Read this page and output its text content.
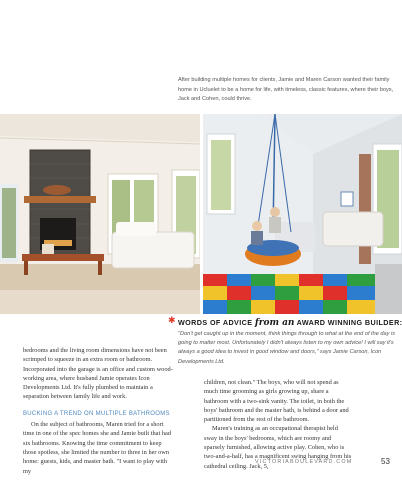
After building multiple homes for clients, Jamie and Maren Carson wanted their family home in Ucluelet to be a home for life, with timeless, classic features, where their boys, Jack and Cohen, could thrive.

bedrooms and the living room dimensions have not been scrimped to squeeze in an extra room or bathroom. Incorporated into the garage is an office and custom wood-working area, where husband Jamie operates Icon Developments Ltd. It's fully plumbed to maintain a separation between family life and work.

BUCKING A TREND ON MULTIPLE BATHROOMS

On the subject of bathrooms, Maren tried for a short time in one of the spec homes she and Jamie built that had six bathrooms. Knowing the time commitment to keep those spotless, she limited the number to three in her own home: guests, kids, and master bath. "I want to play with my

✱ WORDS OF ADVICE from an AWARD WINNING BUILDER:

"Don't get caught up in the moment, think things through to what at the end of the day is going to matter most. Unfortunately I didn't always listen to my own advice! I will say it's always a good idea to invest in good window and doors," says Jamie Carson, Icon Developments Ltd.

children, not clean." The boys, who will not spend as much time grooming as girls growing up, share a bathroom with a two-sink vanity. The toilet, in both the boys' bathroom and the master bath, is behind a door and partitioned from the rest of the bathroom.

Maren's training as an occupational therapist held sway in the boys' bedrooms, which are roomy and sparsely furnished, allowing active play. Cohen, who is two-and-a-half, has a magnificent swing hanging from his cathedral ceiling. Jack, 5,

VICTORIABOULEVARD.COM	53
